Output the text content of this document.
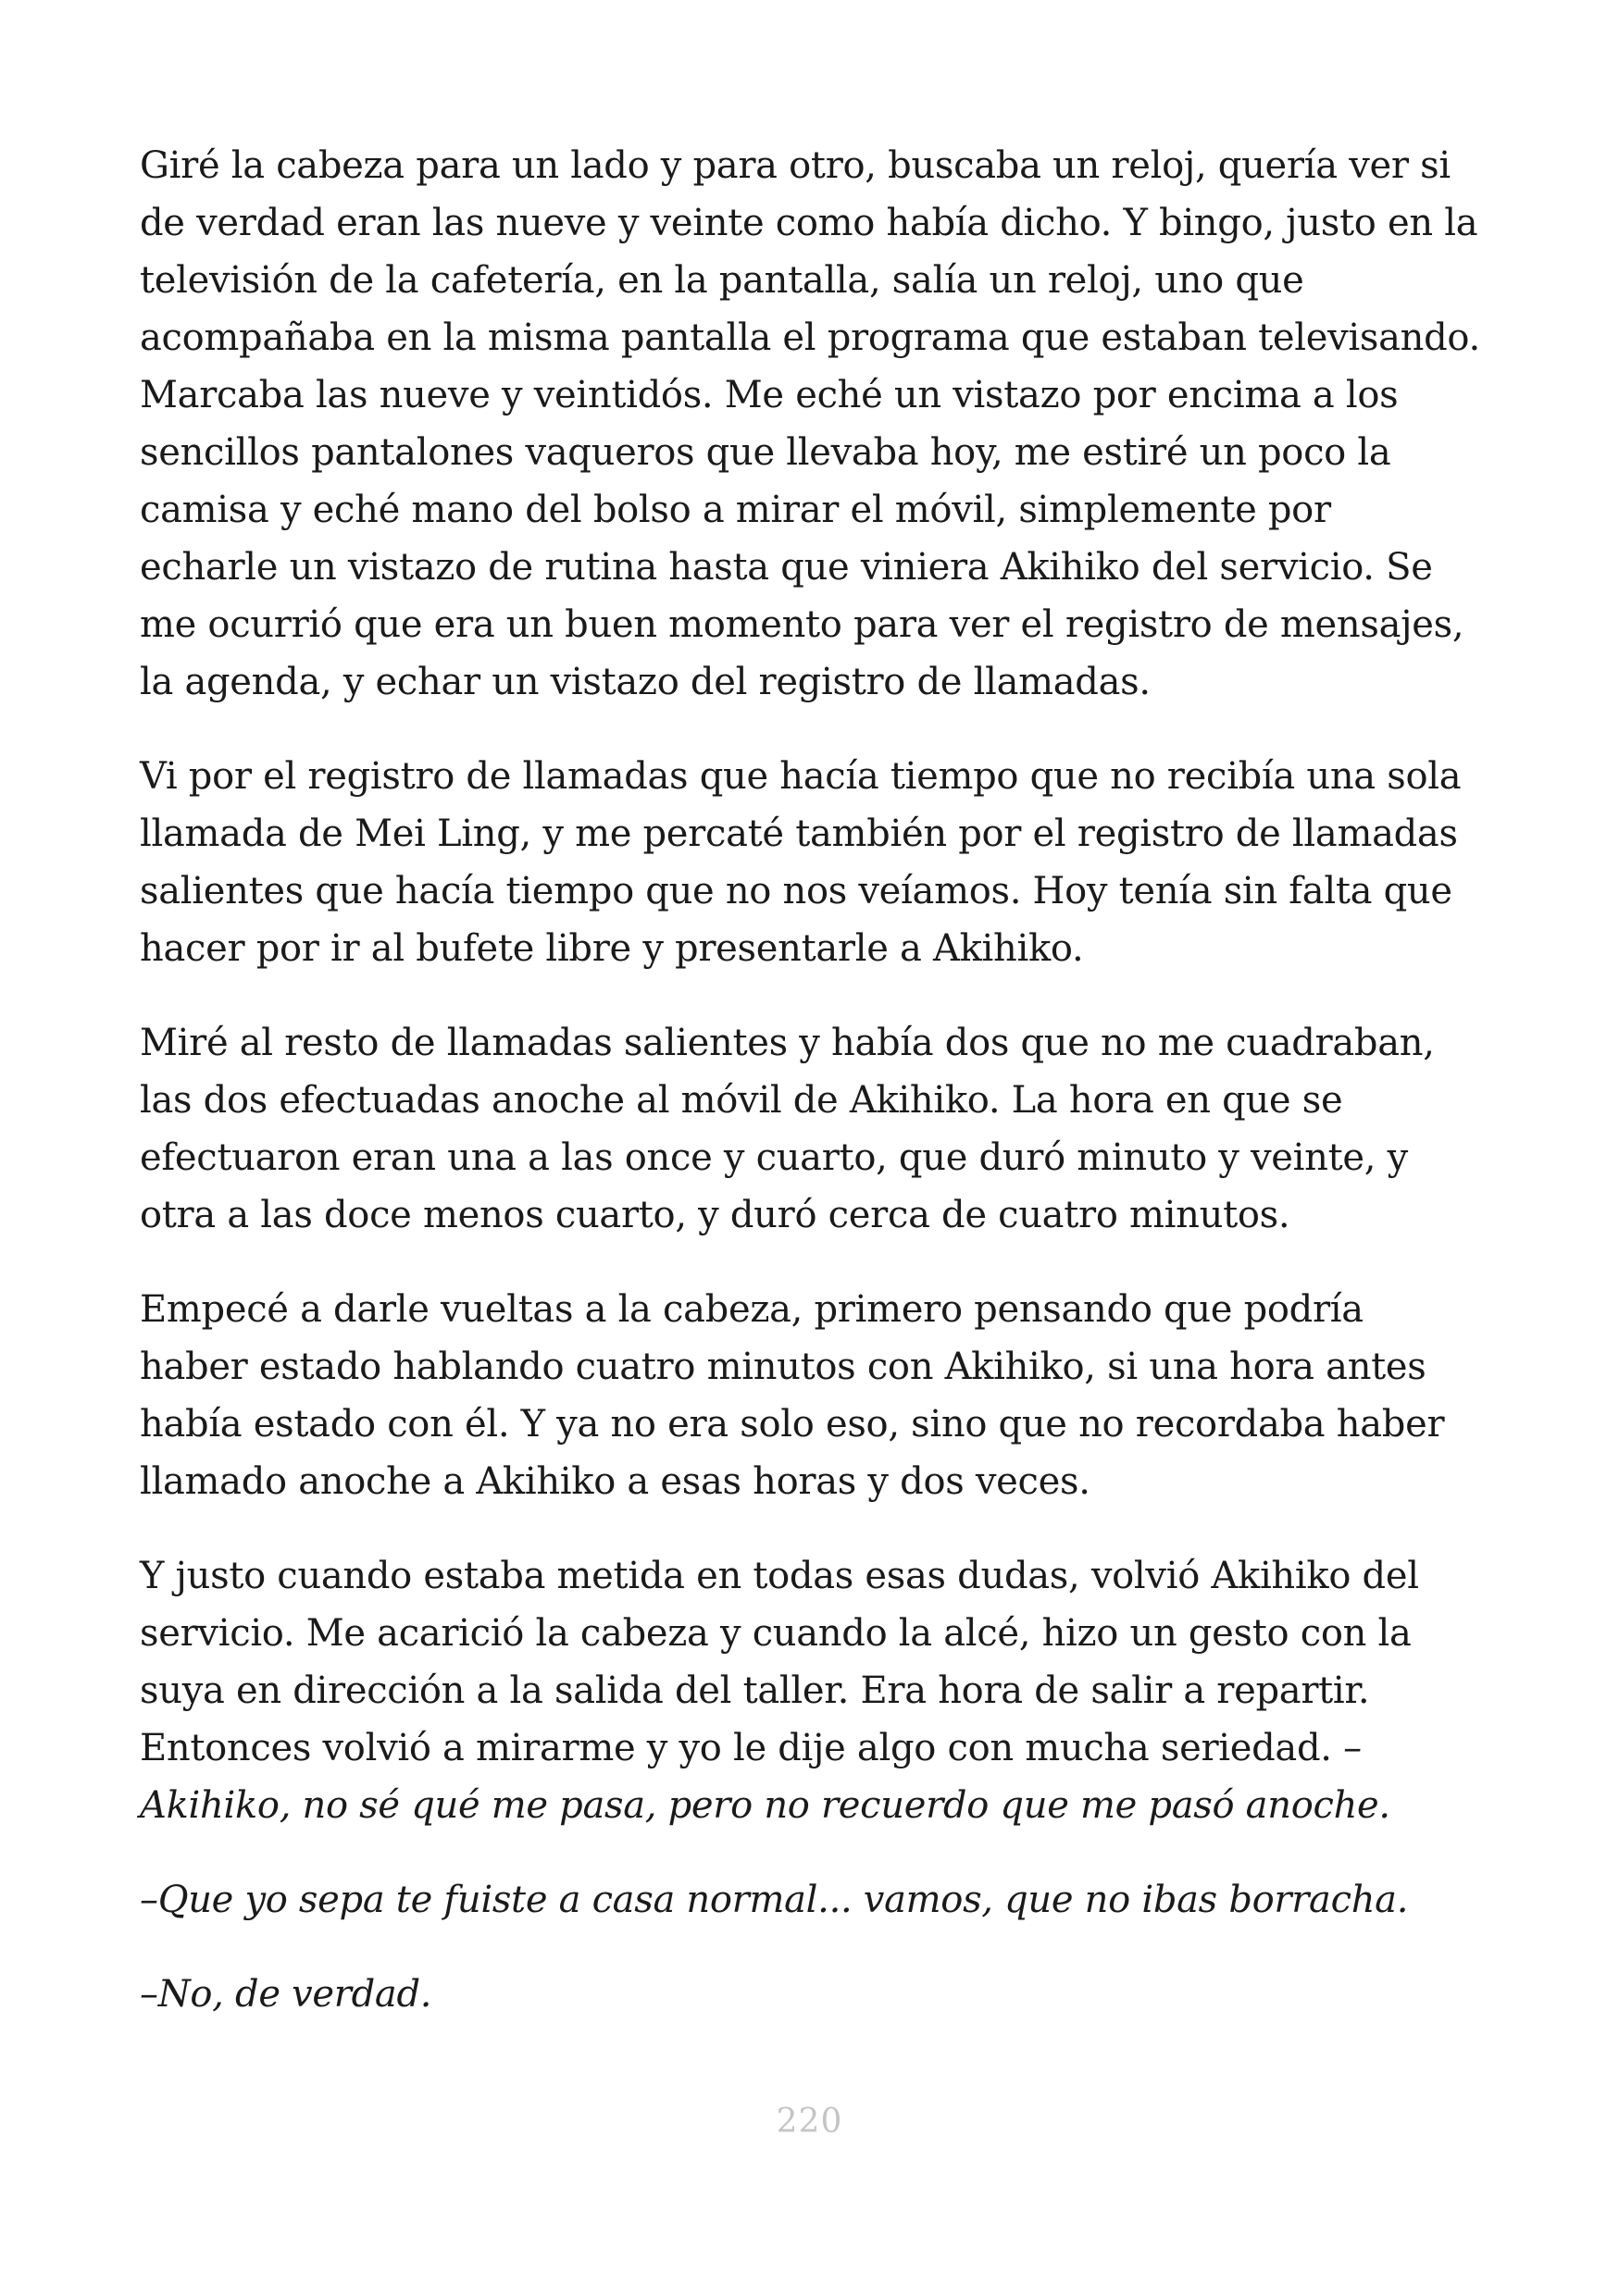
Giré la cabeza para un lado y para otro, buscaba un reloj, quería ver si de verdad eran las nueve y veinte como había dicho. Y bingo, justo en la televisión de la cafetería, en la pantalla, salía un reloj, uno que acompañaba en la misma pantalla el programa que estaban televisando. Marcaba las nueve y veintidós. Me eché un vistazo por encima a los sencillos pantalones vaqueros que llevaba hoy, me estiré un poco la camisa y eché mano del bolso a mirar el móvil, simplemente por echarle un vistazo de rutina hasta que viniera Akihiko del servicio. Se me ocurrió que era un buen momento para ver el registro de mensajes, la agenda, y echar un vistazo del registro de llamadas.

Vi por el registro de llamadas que hacía tiempo que no recibía una sola llamada de Mei Ling, y me percaté también por el registro de llamadas salientes que hacía tiempo que no nos veíamos. Hoy tenía sin falta que hacer por ir al bufete libre y presentarle a Akihiko.

Miré al resto de llamadas salientes y había dos que no me cuadraban, las dos efectuadas anoche al móvil de Akihiko. La hora en que se efectuaron eran una a las once y cuarto, que duró minuto y veinte, y otra a las doce menos cuarto, y duró cerca de cuatro minutos.

Empecé a darle vueltas a la cabeza, primero pensando que podría haber estado hablando cuatro minutos con Akihiko, si una hora antes había estado con él. Y ya no era solo eso, sino que no recordaba haber llamado anoche a Akihiko a esas horas y dos veces.

Y justo cuando estaba metida en todas esas dudas, volvió Akihiko del servicio. Me acarició la cabeza y cuando la alcé, hizo un gesto con la suya en dirección a la salida del taller. Era hora de salir a repartir. Entonces volvió a mirarme y yo le dije algo con mucha seriedad. –Akihiko, no sé qué me pasa, pero no recuerdo que me pasó anoche.

–Que yo sepa te fuiste a casa normal... vamos, que no ibas borracha.

–No, de verdad.

220
